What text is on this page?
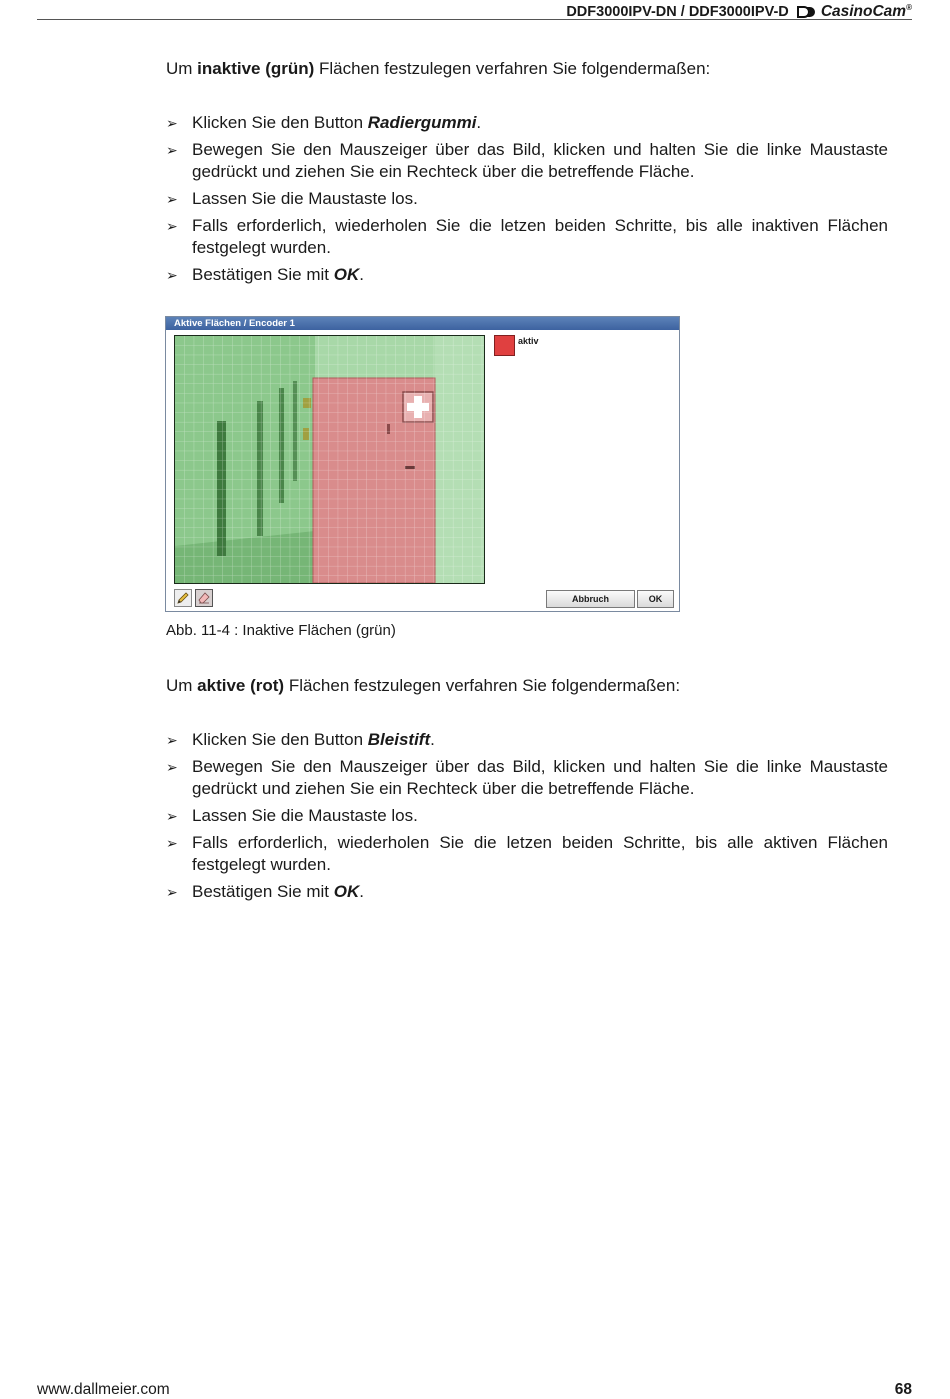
DDF3000IPV-DN / DDF3000IPV-D CasinoCam®
Um inaktive (grün) Flächen festzulegen verfahren Sie folgendermaßen:
➢ Klicken Sie den Button Radiergummi.
➢ Bewegen Sie den Mauszeiger über das Bild, klicken und halten Sie die linke Maustaste gedrückt und ziehen Sie ein Rechteck über die betreffende Fläche.
➢ Lassen Sie die Maustaste los.
➢ Falls erforderlich, wiederholen Sie die letzen beiden Schritte, bis alle inaktiven Flächen festgelegt wurden.
➢ Bestätigen Sie mit OK.
Aktive Flächen / Encoder 1
aktiv
Abbruch	OK
Abb. 11-4 : Inaktive Flächen (grün)
Um aktive (rot) Flächen festzulegen verfahren Sie folgendermaßen:
➢ Klicken Sie den Button Bleistift.
➢ Bewegen Sie den Mauszeiger über das Bild, klicken und halten Sie die linke Maustaste gedrückt und ziehen Sie ein Rechteck über die betreffende Fläche.
➢ Lassen Sie die Maustaste los.
➢ Falls erforderlich, wiederholen Sie die letzen beiden Schritte, bis alle aktiven Flächen festgelegt wurden.
➢ Bestätigen Sie mit OK.
www.dallmeier.com	68
